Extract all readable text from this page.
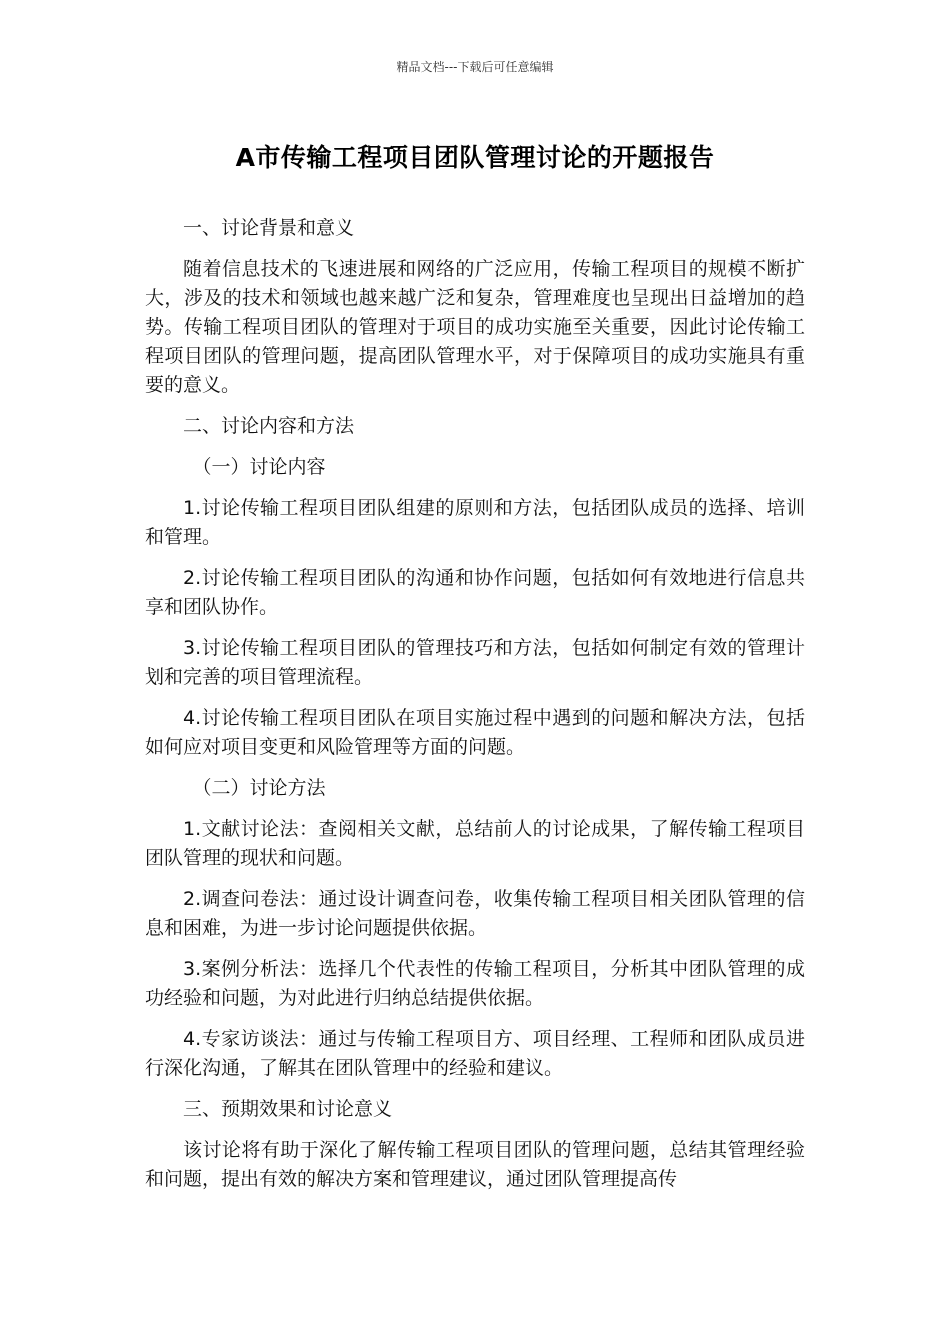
精品文档---下载后可任意编辑
A市传输工程项目团队管理讨论的开题报告

一、讨论背景和意义

随着信息技术的飞速进展和网络的广泛应用，传输工程项目的规模不断扩大，涉及的技术和领域也越来越广泛和复杂，管理难度也呈现出日益增加的趋势。传输工程项目团队的管理对于项目的成功实施至关重要，因此讨论传输工程项目团队的管理问题，提高团队管理水平，对于保障项目的成功实施具有重要的意义。

二、讨论内容和方法

（一）讨论内容

1.讨论传输工程项目团队组建的原则和方法，包括团队成员的选择、培训和管理。

2.讨论传输工程项目团队的沟通和协作问题，包括如何有效地进行信息共享和团队协作。

3.讨论传输工程项目团队的管理技巧和方法，包括如何制定有效的管理计划和完善的项目管理流程。

4.讨论传输工程项目团队在项目实施过程中遇到的问题和解决方法，包括如何应对项目变更和风险管理等方面的问题。

（二）讨论方法

1.文献讨论法：查阅相关文献，总结前人的讨论成果，了解传输工程项目团队管理的现状和问题。

2.调查问卷法：通过设计调查问卷，收集传输工程项目相关团队管理的信息和困难，为进一步讨论问题提供依据。

3.案例分析法：选择几个代表性的传输工程项目，分析其中团队管理的成功经验和问题，为对此进行归纳总结提供依据。

4.专家访谈法：通过与传输工程项目方、项目经理、工程师和团队成员进行深化沟通，了解其在团队管理中的经验和建议。

三、预期效果和讨论意义

该讨论将有助于深化了解传输工程项目团队的管理问题，总结其管理经验和问题，提出有效的解决方案和管理建议，通过团队管理提高传
